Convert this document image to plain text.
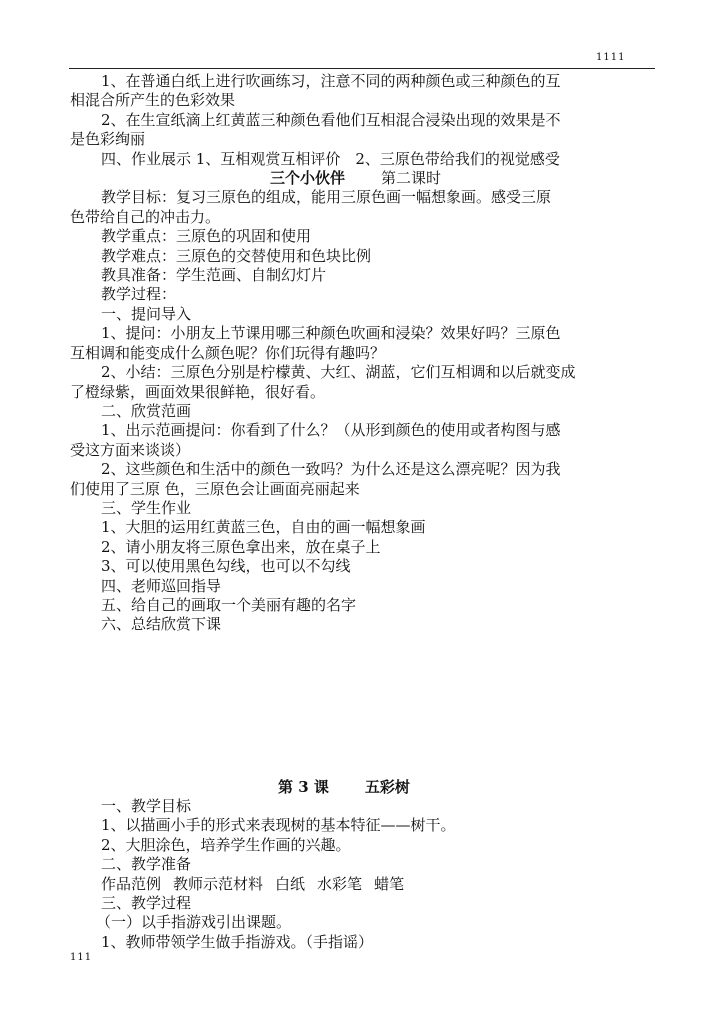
1111

1、在普通白纸上进行吹画练习，注意不同的两种颜色或三种颜色的互

相混合所产生的色彩效果

2、在生宣纸滴上红黄蓝三种颜色看他们互相混合浸染出现的效果是不

是色彩绚丽

四、作业展示 1、互相观赏互相评价　2、三原色带给我们的视觉感受

三个小伙伴 第二课时

教学目标：复习三原色的组成，能用三原色画一幅想象画。感受三原

色带给自己的冲击力。

教学重点：三原色的巩固和使用

教学难点：三原色的交替使用和色块比例

教具准备：学生范画、自制幻灯片

教学过程：

一、提问导入

1、提问：小朋友上节课用哪三种颜色吹画和浸染？效果好吗？三原色

互相调和能变成什么颜色呢？你们玩得有趣吗？

2、小结：三原色分别是柠檬黄、大红、湖蓝，它们互相调和以后就变成

了橙绿紫，画面效果很鲜艳，很好看。

二、欣赏范画

1、出示范画提问：你看到了什么？（从形到颜色的使用或者构图与感

受这方面来谈谈）

2、这些颜色和生活中的颜色一致吗？为什么还是这么漂亮呢？因为我

们使用了三原 色，三原色会让画面亮丽起来

三、学生作业

1、大胆的运用红黄蓝三色，自由的画一幅想象画

2、请小朋友将三原色拿出来，放在桌子上

3、可以使用黑色勾线，也可以不勾线

四、老师巡回指导

五、给自己的画取一个美丽有趣的名字

六、总结欣赏下课

第 3 课 五彩树

一、教学目标

1、以描画小手的形式来表现树的基本特征——树干。

2、大胆涂色，培养学生作画的兴趣。

二、教学准备

作品范例 教师示范材料 白纸 水彩笔 蜡笔

三、教学过程

（一）以手指游戏引出课题。

1、教师带领学生做手指游戏。（手指谣）

111
